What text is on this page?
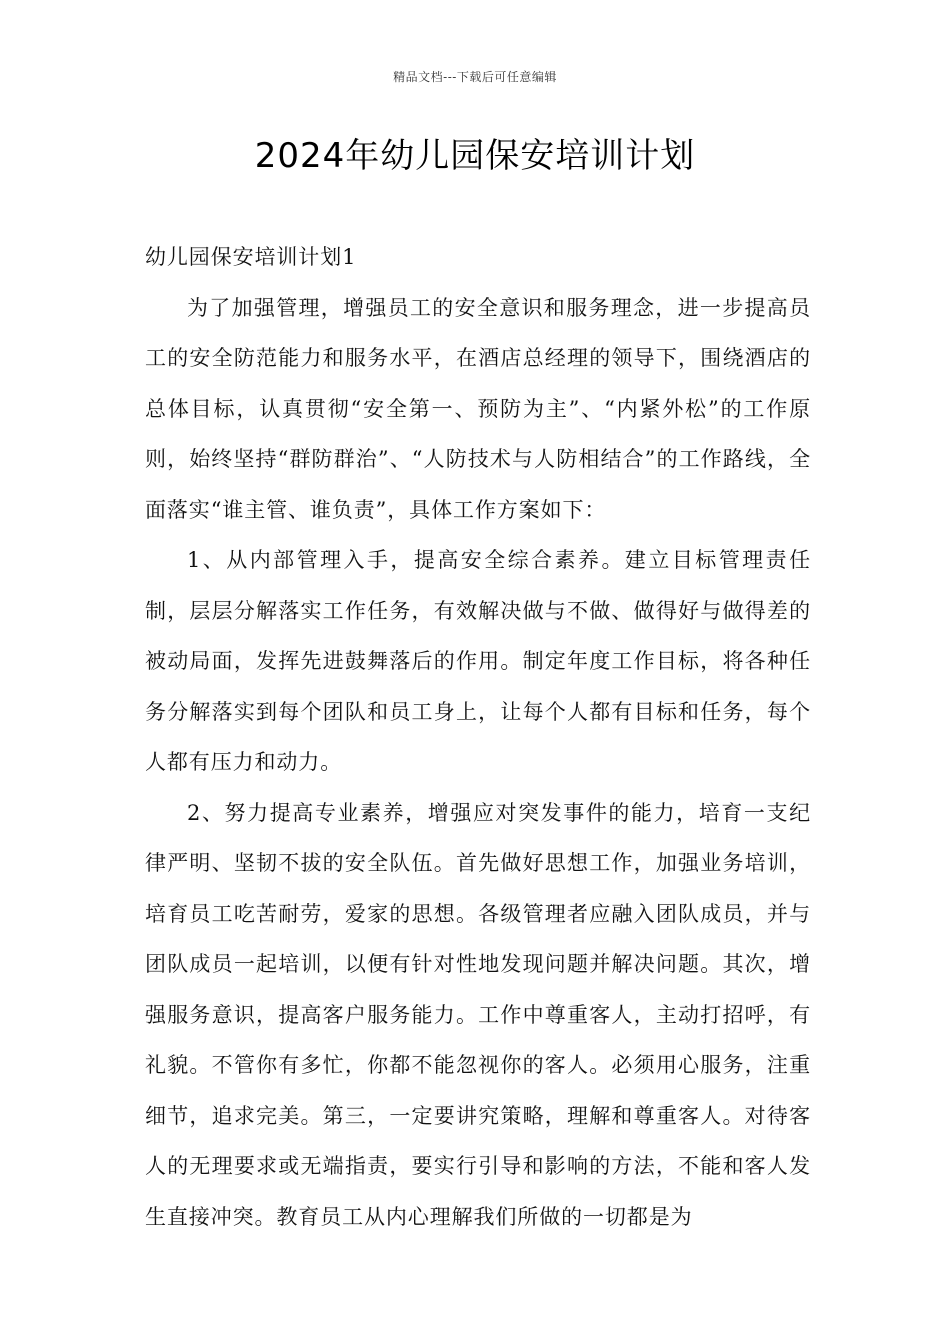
精品文档---下载后可任意编辑
2024年幼儿园保安培训计划

幼儿园保安培训计划1

为了加强管理，增强员工的安全意识和服务理念，进一步提高员工的安全防范能力和服务水平，在酒店总经理的领导下，围绕酒店的总体目标，认真贯彻“安全第一、预防为主”、“内紧外松”的工作原则，始终坚持“群防群治”、“人防技术与人防相结合”的工作路线，全面落实“谁主管、谁负责”，具体工作方案如下：

1、从内部管理入手，提高安全综合素养。建立目标管理责任制，层层分解落实工作任务，有效解决做与不做、做得好与做得差的被动局面，发挥先进鼓舞落后的作用。制定年度工作目标，将各种任务分解落实到每个团队和员工身上，让每个人都有目标和任务，每个人都有压力和动力。

2、努力提高专业素养，增强应对突发事件的能力，培育一支纪律严明、坚韧不拔的安全队伍。首先做好思想工作，加强业务培训，培育员工吃苦耐劳，爱家的思想。各级管理者应融入团队成员，并与团队成员一起培训，以便有针对性地发现问题并解决问题。其次，增强服务意识，提高客户服务能力。工作中尊重客人，主动打招呼，有礼貌。不管你有多忙，你都不能忽视你的客人。必须用心服务，注重细节，追求完美。第三，一定要讲究策略，理解和尊重客人。对待客人的无理要求或无端指责，要实行引导和影响的方法，不能和客人发生直接冲突。教育员工从内心理解我们所做的一切都是为
